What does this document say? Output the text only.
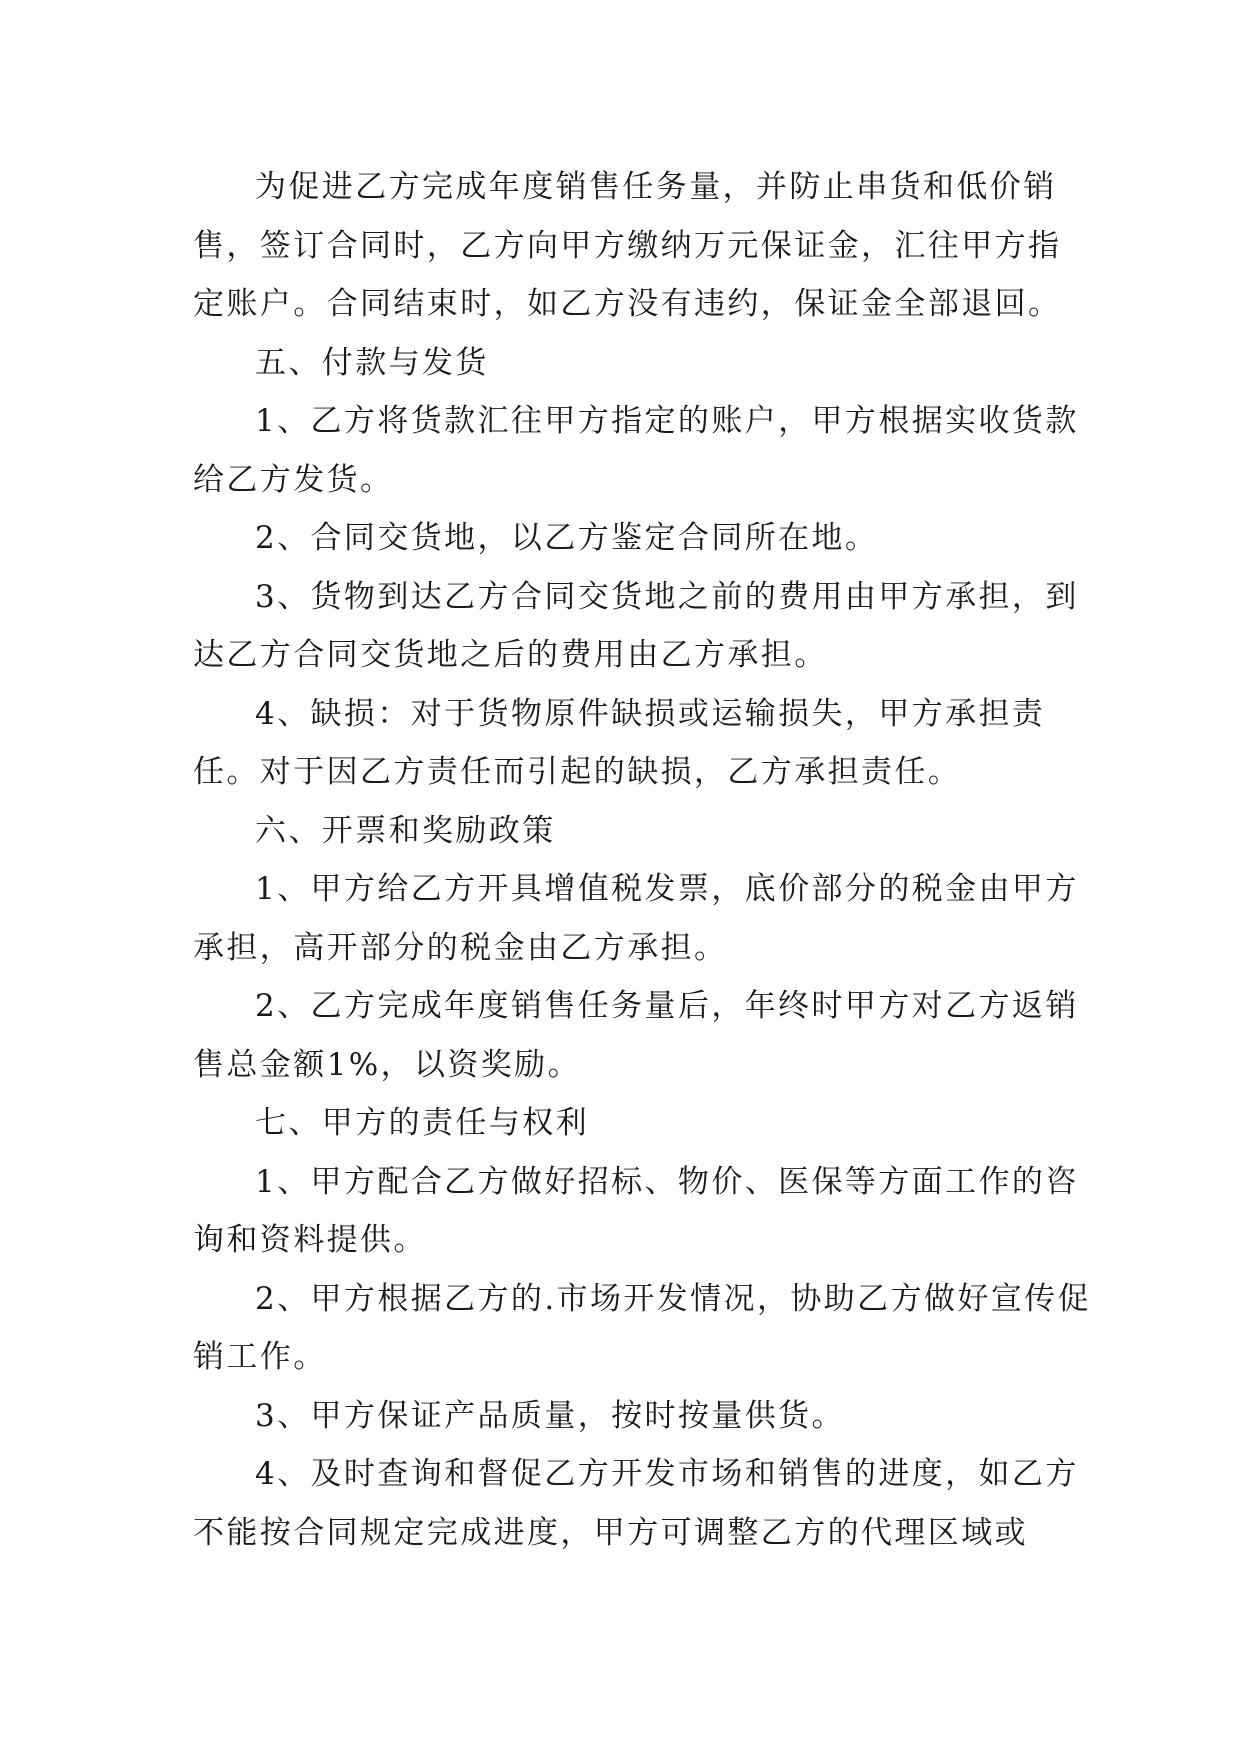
为促进乙方完成年度销售任务量，并防止串货和低价销售，签订合同时，乙方向甲方缴纳万元保证金，汇往甲方指定账户。合同结束时，如乙方没有违约，保证金全部退回。

五、付款与发货

1、乙方将货款汇往甲方指定的账户，甲方根据实收货款给乙方发货。

2、合同交货地，以乙方鉴定合同所在地。

3、货物到达乙方合同交货地之前的费用由甲方承担，到达乙方合同交货地之后的费用由乙方承担。

4、缺损：对于货物原件缺损或运输损失，甲方承担责任。对于因乙方责任而引起的缺损，乙方承担责任。

六、开票和奖励政策

1、甲方给乙方开具增值税发票，底价部分的税金由甲方承担，高开部分的税金由乙方承担。

2、乙方完成年度销售任务量后，年终时甲方对乙方返销售总金额1%，以资奖励。

七、甲方的责任与权利

1、甲方配合乙方做好招标、物价、医保等方面工作的咨询和资料提供。

2、甲方根据乙方的.市场开发情况，协助乙方做好宣传促销工作。

3、甲方保证产品质量，按时按量供货。

4、及时查询和督促乙方开发市场和销售的进度，如乙方不能按合同规定完成进度，甲方可调整乙方的代理区域或
